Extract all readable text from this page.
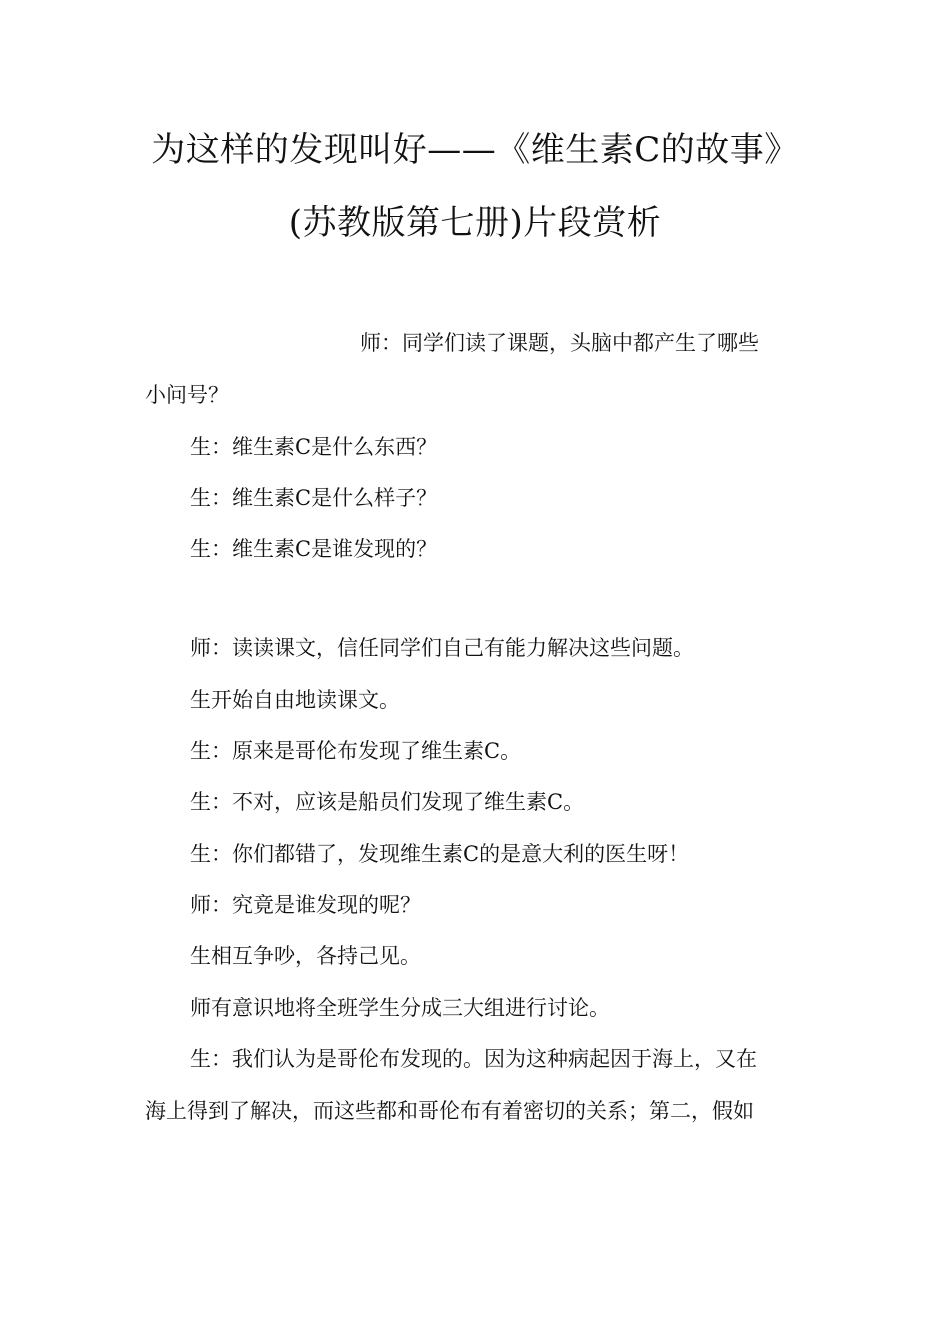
为这样的发现叫好——《维生素C的故事》
(苏教版第七册)片段赏析
师：同学们读了课题，头脑中都产生了哪些
小问号？
生：维生素C是什么东西？
生：维生素C是什么样子？
生：维生素C是谁发现的？
师：读读课文，信任同学们自己有能力解决这些问题。
生开始自由地读课文。
生：原来是哥伦布发现了维生素C。
生：不对，应该是船员们发现了维生素C。
生：你们都错了，发现维生素C的是意大利的医生呀！
师：究竟是谁发现的呢？
生相互争吵，各持己见。
师有意识地将全班学生分成三大组进行讨论。
生：我们认为是哥伦布发现的。因为这种病起因于海上，又在
海上得到了解决，而这些都和哥伦布有着密切的关系；第二，假如
